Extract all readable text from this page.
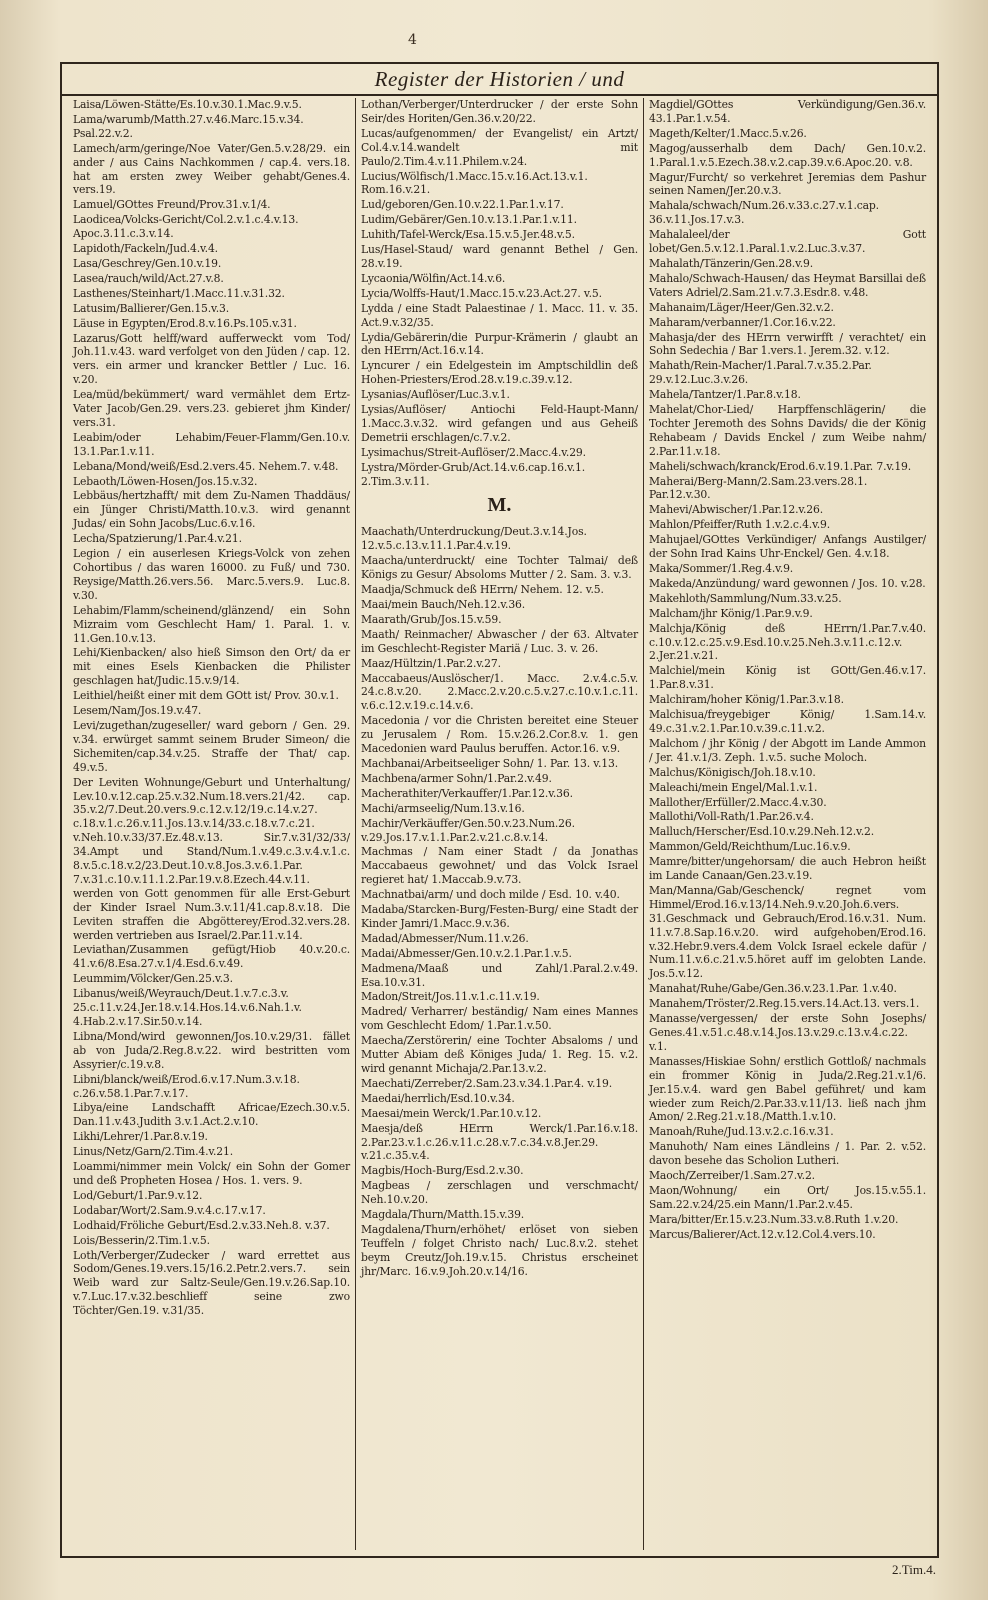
4
Register der Historien / und
Laisa/Löwen-Stätte/Es.10.v.30.1.Mac.9.v.5.
Lama/warumb/Matth.27.v.46.Marc.15.v.34. Psal.22.v.2.
Lamech/arm/geringe/Noe Vater/Gen.5.v.28/29. ein ander / aus Cains Nachkommen / cap.4. vers.18. hat am ersten zwey Weiber gehabt/Genes.4. vers.19.
Lamuel/GOttes Freund/Prov.31.v.1/4.
Laodicea/Volcks-Gericht/Col.2.v.1.c.4.v.13. Apoc.3.11.c.3.v.14.
Lapidoth/Fackeln/Jud.4.v.4.
Lasa/Geschrey/Gen.10.v.19.
Lasea/rauch/wild/Act.27.v.8.
Lasthenes/Steinhart/1.Macc.11.v.31.32.
Latusim/Ballierer/Gen.15.v.3.
Läuse in Egypten/Erod.8.v.16.Ps.105.v.31.
Lazarus/Gott helff/ward aufferweckt vom Tod/ Joh.11.v.43. ward verfolget von den Jüden / cap. 12. vers. ein armer und krancker Bettler / Luc. 16. v.20.
Lea/müd/bekümmert/ ward vermählet dem Ertz-Vater Jacob/Gen.29. vers.23. gebieret jhm Kinder/ vers.31.
Leabim/oder Lehabim/Feuer-Flamm/Gen.10.v. 13.1.Par.1.v.11.
Lebana/Mond/weiß/Esd.2.vers.45. Nehem.7. v.48.
Lebaoth/Löwen-Hosen/Jos.15.v.32.
Lebbäus/hertzhafft/ mit dem Zu-Namen Thaddäus/ ein Jünger Christi/Matth.10.v.3. wird genannt Judas/ ein Sohn Jacobs/Luc.6.v.16.
Lecha/Spatzierung/1.Par.4.v.21.
Legion / ein auserlesen Kriegs-Volck von zehen Cohortibus / das waren 16000. zu Fuß/ und 730. Reysige/Matth.26.vers.56. Marc.5.vers.9. Luc.8. v.30.
Lehabim/Flamm/scheinend/glänzend/ ein Sohn Mizraim vom Geschlecht Ham/ 1. Paral. 1. v. 11.Gen.10.v.13.
Lehi/Kienbacken/ also hieß Simson den Ort/ da er mit eines Esels Kienbacken die Philister geschlagen hat/Judic.15.v.9/14.
Leithiel/heißt einer mit dem GOtt ist/ Prov. 30.v.1.
Lesem/Nam/Jos.19.v.47.
Levi/zugethan/zugeseller/ ward geborn / Gen. 29. v.34. erwürget sammt seinem Bruder Simeon/ die Sichemiten/cap.34.v.25. Straffe der That/ cap. 49.v.5.
Der Leviten Wohnunge/Geburt und Unterhaltung/ Lev.10.v.12.cap.25.v.32.Num.18.vers.21/42. cap. 35.v.2/7.Deut.20.vers.9.c.12.v.12/19.c.14.v.27. c.18.v.1.c.26.v.11.Jos.13.v.14/33.c.18.v.7.c.21. v.Neh.10.v.33/37.Ez.48.v.13. Sir.7.v.31/32/33/ 34.Ampt und Stand/Num.1.v.49.c.3.v.4.v.1.c. 8.v.5.c.18.v.2/23.Deut.10.v.8.Jos.3.v.6.1.Par. 7.v.31.c.10.v.11.1.2.Par.19.v.8.Ezech.44.v.11. werden von Gott genommen für alle Erst-Geburt der Kinder Israel Num.3.v.11/41.cap.8.v.18. Die Leviten straffen die Abgötterey/Erod.32.vers.28. werden vertrieben aus Israel/2.Par.11.v.14.
Leviathan/Zusammen gefügt/Hiob 40.v.20.c. 41.v.6/8.Esa.27.v.1/4.Esd.6.v.49.
Leummim/Völcker/Gen.25.v.3.
Libanus/weiß/Weyrauch/Deut.1.v.7.c.3.v. 25.c.11.v.24.Jer.18.v.14.Hos.14.v.6.Nah.1.v. 4.Hab.2.v.17.Sir.50.v.14.
Libna/Mond/wird gewonnen/Jos.10.v.29/31. fället ab von Juda/2.Reg.8.v.22. wird bestritten vom Assyrier/c.19.v.8.
Libni/blanck/weiß/Erod.6.v.17.Num.3.v.18. c.26.v.58.1.Par.7.v.17.
Libya/eine Landschafft Africae/Ezech.30.v.5. Dan.11.v.43.Judith 3.v.1.Act.2.v.10.
Likhi/Lehrer/1.Par.8.v.19.
Linus/Netz/Garn/2.Tim.4.v.21.
Loammi/nimmer mein Volck/ ein Sohn der Gomer und deß Propheten Hosea / Hos. 1. vers. 9.
Lod/Geburt/1.Par.9.v.12.
Lodabar/Wort/2.Sam.9.v.4.c.17.v.17.
Lodhaid/Fröliche Geburt/Esd.2.v.33.Neh.8. v.37.
Lois/Besserin/2.Tim.1.v.5.
Loth/Verberger/Zudecker / ward errettet aus Sodom/Genes.19.vers.15/16.2.Petr.2.vers.7. sein Weib ward zur Saltz-Seule/Gen.19.v.26.Sap.10. v.7.Luc.17.v.32.beschlieff seine zwo Töchter/Gen.19. v.31/35.
Lothan/Verberger/Unterdrucker / der erste Sohn Seir/des Horiten/Gen.36.v.20/22.
Lucas/aufgenommen/ der Evangelist/ ein Artzt/ Col.4.v.14.wandelt mit Paulo/2.Tim.4.v.11.Philem.v.24.
Lucius/Wölfisch/1.Macc.15.v.16.Act.13.v.1. Rom.16.v.21.
Lud/geboren/Gen.10.v.22.1.Par.1.v.17.
Ludim/Gebärer/Gen.10.v.13.1.Par.1.v.11.
Luhith/Tafel-Werck/Esa.15.v.5.Jer.48.v.5.
Lus/Hasel-Staud/ ward genannt Bethel / Gen. 28.v.19.
Lycaonia/Wölfin/Act.14.v.6.
Lycia/Wolffs-Haut/1.Macc.15.v.23.Act.27. v.5.
Lydda / eine Stadt Palaestinae / 1. Macc. 11. v. 35. Act.9.v.32/35.
Lydia/Gebärerin/die Purpur-Krämerin / glaubt an den HErrn/Act.16.v.14.
Lyncurer / ein Edelgestein im Amptschildlin deß Hohen-Priesters/Erod.28.v.19.c.39.v.12.
Lysanias/Auflöser/Luc.3.v.1.
Lysias/Auflöser/ Antiochi Feld-Haupt-Mann/ 1.Macc.3.v.32. wird gefangen und aus Geheiß Demetrii erschlagen/c.7.v.2.
Lysimachus/Streit-Auflöser/2.Macc.4.v.29.
Lystra/Mörder-Grub/Act.14.v.6.cap.16.v.1. 2.Tim.3.v.11.
M.
Maachath/Unterdruckung/Deut.3.v.14.Jos. 12.v.5.c.13.v.11.1.Par.4.v.19.
Maacha/unterdruckt/ eine Tochter Talmai/ deß Königs zu Gesur/ Absoloms Mutter / 2. Sam. 3. v.3.
Maadja/Schmuck deß HErrn/ Nehem. 12. v.5.
Maai/mein Bauch/Neh.12.v.36.
Maarath/Grub/Jos.15.v.59.
Maath/ Reinmacher/ Abwascher / der 63. Altvater im Geschlecht-Register Mariä / Luc. 3. v. 26.
Maaz/Hültzin/1.Par.2.v.27.
Maccabaeus/Auslöscher/1. Macc. 2.v.4.c.5.v. 24.c.8.v.20. 2.Macc.2.v.20.c.5.v.27.c.10.v.1.c.11. v.6.c.12.v.19.c.14.v.6.
Macedonia / vor die Christen bereitet eine Steuer zu Jerusalem / Rom. 15.v.26.2.Cor.8.v. 1. gen Macedonien ward Paulus beruffen. Actor.16. v.9.
Machbanai/Arbeitseeliger Sohn/ 1. Par. 13. v.13.
Machbena/armer Sohn/1.Par.2.v.49.
Macherathiter/Verkauffer/1.Par.12.v.36.
Machi/armseelig/Num.13.v.16.
Machir/Verkäuffer/Gen.50.v.23.Num.26. v.29.Jos.17.v.1.1.Par.2.v.21.c.8.v.14.
Machmas / Nam einer Stadt / da Jonathas Maccabaeus gewohnet/ und das Volck Israel regieret hat/ 1.Maccab.9.v.73.
Machnatbai/arm/ und doch milde / Esd. 10. v.40.
Madaba/Starcken-Burg/Festen-Burg/ eine Stadt der Kinder Jamri/1.Macc.9.v.36.
Madad/Abmesser/Num.11.v.26.
Madai/Abmesser/Gen.10.v.2.1.Par.1.v.5.
Madmena/Maaß und Zahl/1.Paral.2.v.49. Esa.10.v.31.
Madon/Streit/Jos.11.v.1.c.11.v.19.
Madred/ Verharrer/ beständig/ Nam eines Mannes vom Geschlecht Edom/ 1.Par.1.v.50.
Maecha/Zerstörerin/ eine Tochter Absaloms / und Mutter Abiam deß Königes Juda/ 1. Reg. 15. v.2. wird genannt Michaja/2.Par.13.v.2.
Maechati/Zerreber/2.Sam.23.v.34.1.Par.4. v.19.
Maedai/herrlich/Esd.10.v.34.
Maesai/mein Werck/1.Par.10.v.12.
Maesja/deß HErrn Werck/1.Par.16.v.18. 2.Par.23.v.1.c.26.v.11.c.28.v.7.c.34.v.8.Jer.29. v.21.c.35.v.4.
Magbis/Hoch-Burg/Esd.2.v.30.
Magbeas / zerschlagen und verschmacht/ Neh.10.v.20.
Magdala/Thurn/Matth.15.v.39.
Magdalena/Thurn/erhöhet/ erlöset von sieben Teuffeln / folget Christo nach/ Luc.8.v.2. stehet beym Creutz/Joh.19.v.15. Christus erscheinet jhr/Marc. 16.v.9.Joh.20.v.14/16.
Magdiel/GOttes Verkündigung/Gen.36.v. 43.1.Par.1.v.54.
Mageth/Kelter/1.Macc.5.v.26.
Magog/ausserhalb dem Dach/ Gen.10.v.2. 1.Paral.1.v.5.Ezech.38.v.2.cap.39.v.6.Apoc.20. v.8.
Magur/Furcht/ so verkehret Jeremias dem Pashur seinen Namen/Jer.20.v.3.
Mahala/schwach/Num.26.v.33.c.27.v.1.cap. 36.v.11.Jos.17.v.3.
Mahalaleel/der Gott lobet/Gen.5.v.12.1.Paral.1.v.2.Luc.3.v.37.
Mahalath/Tänzerin/Gen.28.v.9.
Mahalo/Schwach-Hausen/ das Heymat Barsillai deß Vaters Adriel/2.Sam.21.v.7.3.Esdr.8. v.48.
Mahanaim/Läger/Heer/Gen.32.v.2.
Maharam/verbanner/1.Cor.16.v.22.
Mahasja/der des HErrn verwirfft / verachtet/ ein Sohn Sedechia / Bar 1.vers.1. Jerem.32. v.12.
Mahath/Rein-Macher/1.Paral.7.v.35.2.Par. 29.v.12.Luc.3.v.26.
Mahela/Tantzer/1.Par.8.v.18.
Mahelat/Chor-Lied/ Harpffenschlägerin/ die Tochter Jeremoth des Sohns Davids/ die der König Rehabeam / Davids Enckel / zum Weibe nahm/ 2.Par.11.v.18.
Maheli/schwach/kranck/Erod.6.v.19.1.Par. 7.v.19.
Maherai/Berg-Mann/2.Sam.23.vers.28.1. Par.12.v.30.
Mahevi/Abwischer/1.Par.12.v.26.
Mahlon/Pfeiffer/Ruth 1.v.2.c.4.v.9.
Mahujael/GOttes Verkündiger/ Anfangs Austilger/ der Sohn Irad Kains Uhr-Enckel/ Gen. 4.v.18.
Maka/Sommer/1.Reg.4.v.9.
Makeda/Anzündung/ ward gewonnen / Jos. 10. v.28.
Makehloth/Sammlung/Num.33.v.25.
Malcham/jhr König/1.Par.9.v.9.
Malchja/König deß HErrn/1.Par.7.v.40. c.10.v.12.c.25.v.9.Esd.10.v.25.Neh.3.v.11.c.12.v. 2.Jer.21.v.21.
Malchiel/mein König ist GOtt/Gen.46.v.17. 1.Par.8.v.31.
Malchiram/hoher König/1.Par.3.v.18.
Malchisua/freygebiger König/ 1.Sam.14.v. 49.c.31.v.2.1.Par.10.v.39.c.11.v.2.
Malchom / jhr König / der Abgott im Lande Ammon / Jer. 41.v.1/3. Zeph. 1.v.5. suche Moloch.
Malchus/Königisch/Joh.18.v.10.
Maleachi/mein Engel/Mal.1.v.1.
Mallother/Erfüller/2.Macc.4.v.30.
Mallothi/Voll-Rath/1.Par.26.v.4.
Malluch/Herscher/Esd.10.v.29.Neh.12.v.2.
Mammon/Geld/Reichthum/Luc.16.v.9.
Mamre/bitter/ungehorsam/ die auch Hebron heißt im Lande Canaan/Gen.23.v.19.
Man/Manna/Gab/Geschenck/ regnet vom Himmel/Erod.16.v.13/14.Neh.9.v.20.Joh.6.vers. 31.Geschmack und Gebrauch/Erod.16.v.31. Num. 11.v.7.8.Sap.16.v.20. wird aufgehoben/Erod.16. v.32.Hebr.9.vers.4.dem Volck Israel eckele dafür / Num.11.v.6.c.21.v.5.höret auff im gelobten Lande. Jos.5.v.12.
Manahat/Ruhe/Gabe/Gen.36.v.23.1.Par. 1.v.40.
Manahem/Tröster/2.Reg.15.vers.14.Act.13. vers.1.
Manasse/vergessen/ der erste Sohn Josephs/ Genes.41.v.51.c.48.v.14.Jos.13.v.29.c.13.v.4.c.22. v.1.
Manasses/Hiskiae Sohn/ erstlich Gottloß/ nachmals ein frommer König in Juda/2.Reg.21.v.1/6. Jer.15.v.4. ward gen Babel geführet/ und kam wieder zum Reich/2.Par.33.v.11/13. ließ nach jhm Amon/ 2.Reg.21.v.18./Matth.1.v.10.
Manoah/Ruhe/Jud.13.v.2.c.16.v.31.
Manuhoth/ Nam eines Ländleins / 1. Par. 2. v.52. davon besehe das Scholion Lutheri.
Maoch/Zerreiber/1.Sam.27.v.2.
Maon/Wohnung/ ein Ort/ Jos.15.v.55.1. Sam.22.v.24/25.ein Mann/1.Par.2.v.45.
Mara/bitter/Er.15.v.23.Num.33.v.8.Ruth 1.v.20.
Marcus/Balierer/Act.12.v.12.Col.4.vers.10.
2.Tim.4.
